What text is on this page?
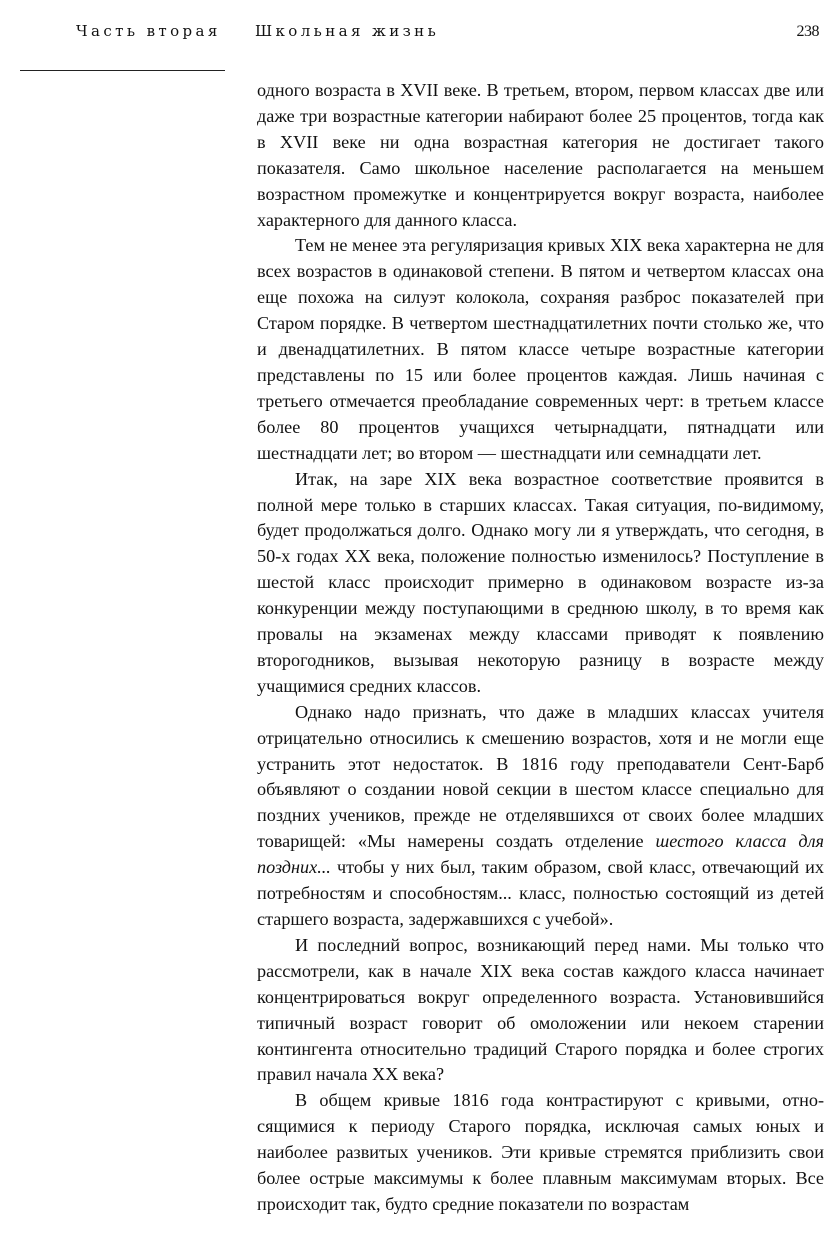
Часть вторая Школьная жизнь	238

одного возраста в XVII веке. В третьем, втором, первом классах две или даже три возрастные категории набирают более 25 процентов, тогда как в XVII веке ни одна возрастная категория не достигает такого показателя. Само школьное население располагается на меньшем возрастном промежутке и концентрируется вокруг возраста, наиболее характерного для данного класса.

Тем не менее эта регуляризация кривых XIX века характерна не для всех возрастов в одинаковой степени. В пятом и четвертом классах она еще похожа на силуэт колокола, сохраняя разброс показателей при Старом порядке. В четвертом шестнадцатилетних почти столько же, что и двенадцатилетних. В пятом классе четыре возрастные категории представлены по 15 или более процентов каждая. Лишь начиная с третьего отмечается преобладание современных черт: в третьем классе более 80 процентов учащихся четырнадцати, пятнадцати или шестнадцати лет; во втором — шестнадцати или семнадцати лет.

Итак, на заре XIX века возрастное соответствие проявится в полной мере только в старших классах. Такая ситуация, по-видимому, будет продолжаться долго. Однако могу ли я утверждать, что сегодня, в 50-х годах XX века, положение полностью изменилось? Поступление в шестой класс происходит примерно в одинаковом возрасте из-за конкуренции между поступающими в среднюю школу, в то время как провалы на экзаменах между классами приводят к появлению второгодников, вызывая некоторую разницу в возрасте между учащимися средних классов.

Однако надо признать, что даже в младших классах учителя отрицательно относились к смешению возрастов, хотя и не могли еще устранить этот недостаток. В 1816 году преподаватели Сент-Барб объявляют о создании новой секции в шестом классе специально для поздних учеников, прежде не отделявшихся от своих более младших товарищей: «Мы намерены создать отделение шестого класса для поздних... чтобы у них был, таким образом, свой класс, отвечающий их потребностям и способностям... класс, полностью состоящий из детей старшего возраста, задержавшихся с учебой».

И последний вопрос, возникающий перед нами. Мы только что рассмотрели, как в начале XIX века состав каждого класса начинает концентрироваться вокруг определенного возраста. Установившийся типичный возраст говорит об омоложении или некоем старении контингента относительно традиций Старого порядка и более строгих правил начала XX века?

В общем кривые 1816 года контрастируют с кривыми, относящимися к периоду Старого порядка, исключая самых юных и наиболее развитых учеников. Эти кривые стремятся приблизить свои более острые максимумы к более плавным максимумам вторых. Все происходит так, будто средние показатели по возрастам
